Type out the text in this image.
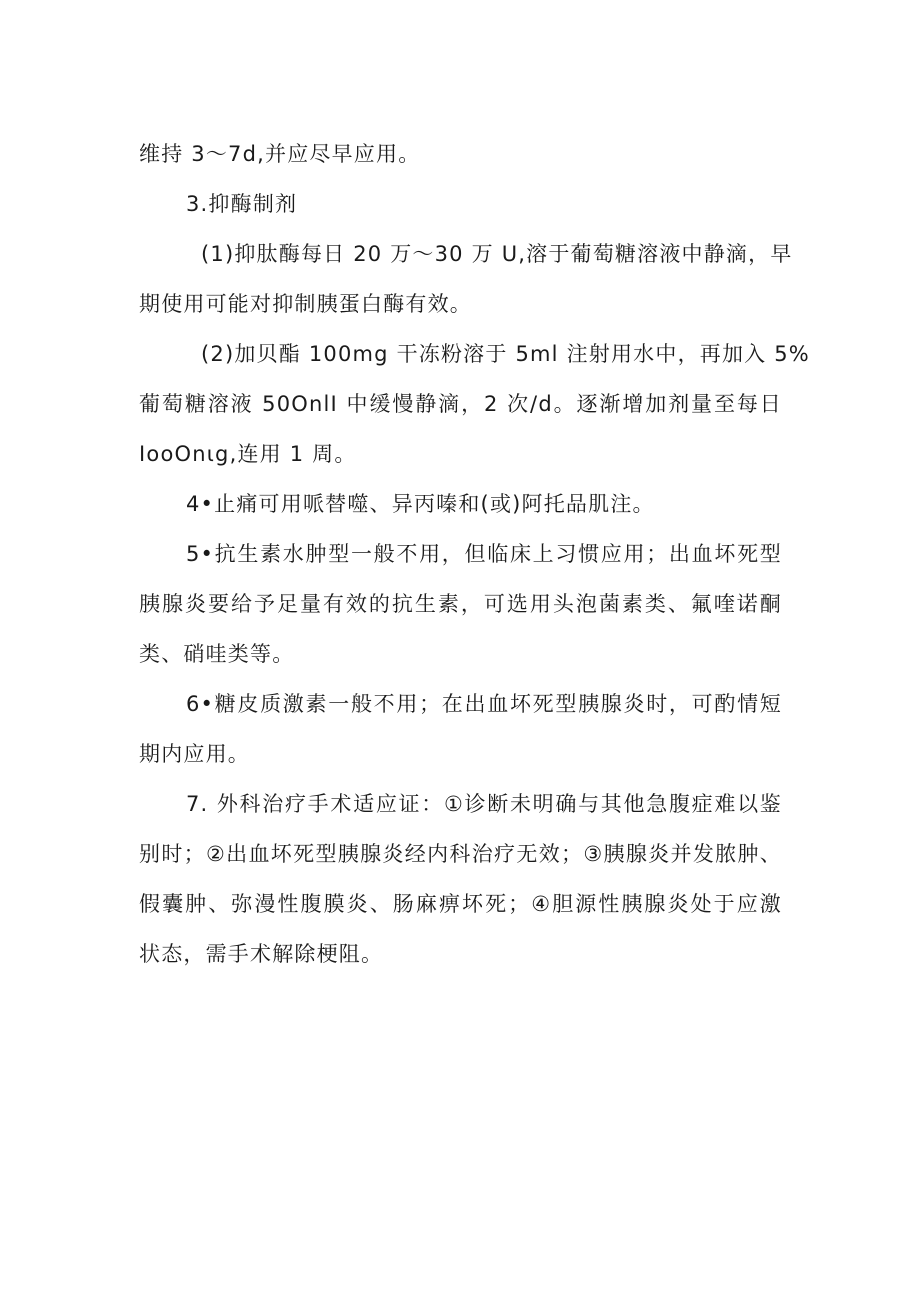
维持 3〜7d,并应尽早应用。
3.抑酶制剂
(1)抑肽酶每日 20 万～30 万 U,溶于葡萄糖溶液中静滴，早
期使用可能对抑制胰蛋白酶有效。
(2)加贝酯 100mg 干冻粉溶于 5ml 注射用水中，再加入 5%
葡萄糖溶液 50OnlI 中缓慢静滴，2 次/d。逐渐增加剂量至每日
IooOnιg,连用 1 周。
4•止痛可用哌替噬、异丙嗪和(或)阿托品肌注。
5•抗生素水肿型一般不用，但临床上习惯应用；出血坏死型
胰腺炎要给予足量有效的抗生素，可选用头泡菌素类、氟喹诺酮
类、硝哇类等。
6•糖皮质激素一般不用；在出血坏死型胰腺炎时，可酌情短
期内应用。
7. 外科治疗手术适应证：①诊断未明确与其他急腹症难以鉴
别时；②出血坏死型胰腺炎经内科治疗无效；③胰腺炎并发脓肿、
假囊肿、弥漫性腹膜炎、肠麻痹坏死；④胆源性胰腺炎处于应激
状态，需手术解除梗阻。
